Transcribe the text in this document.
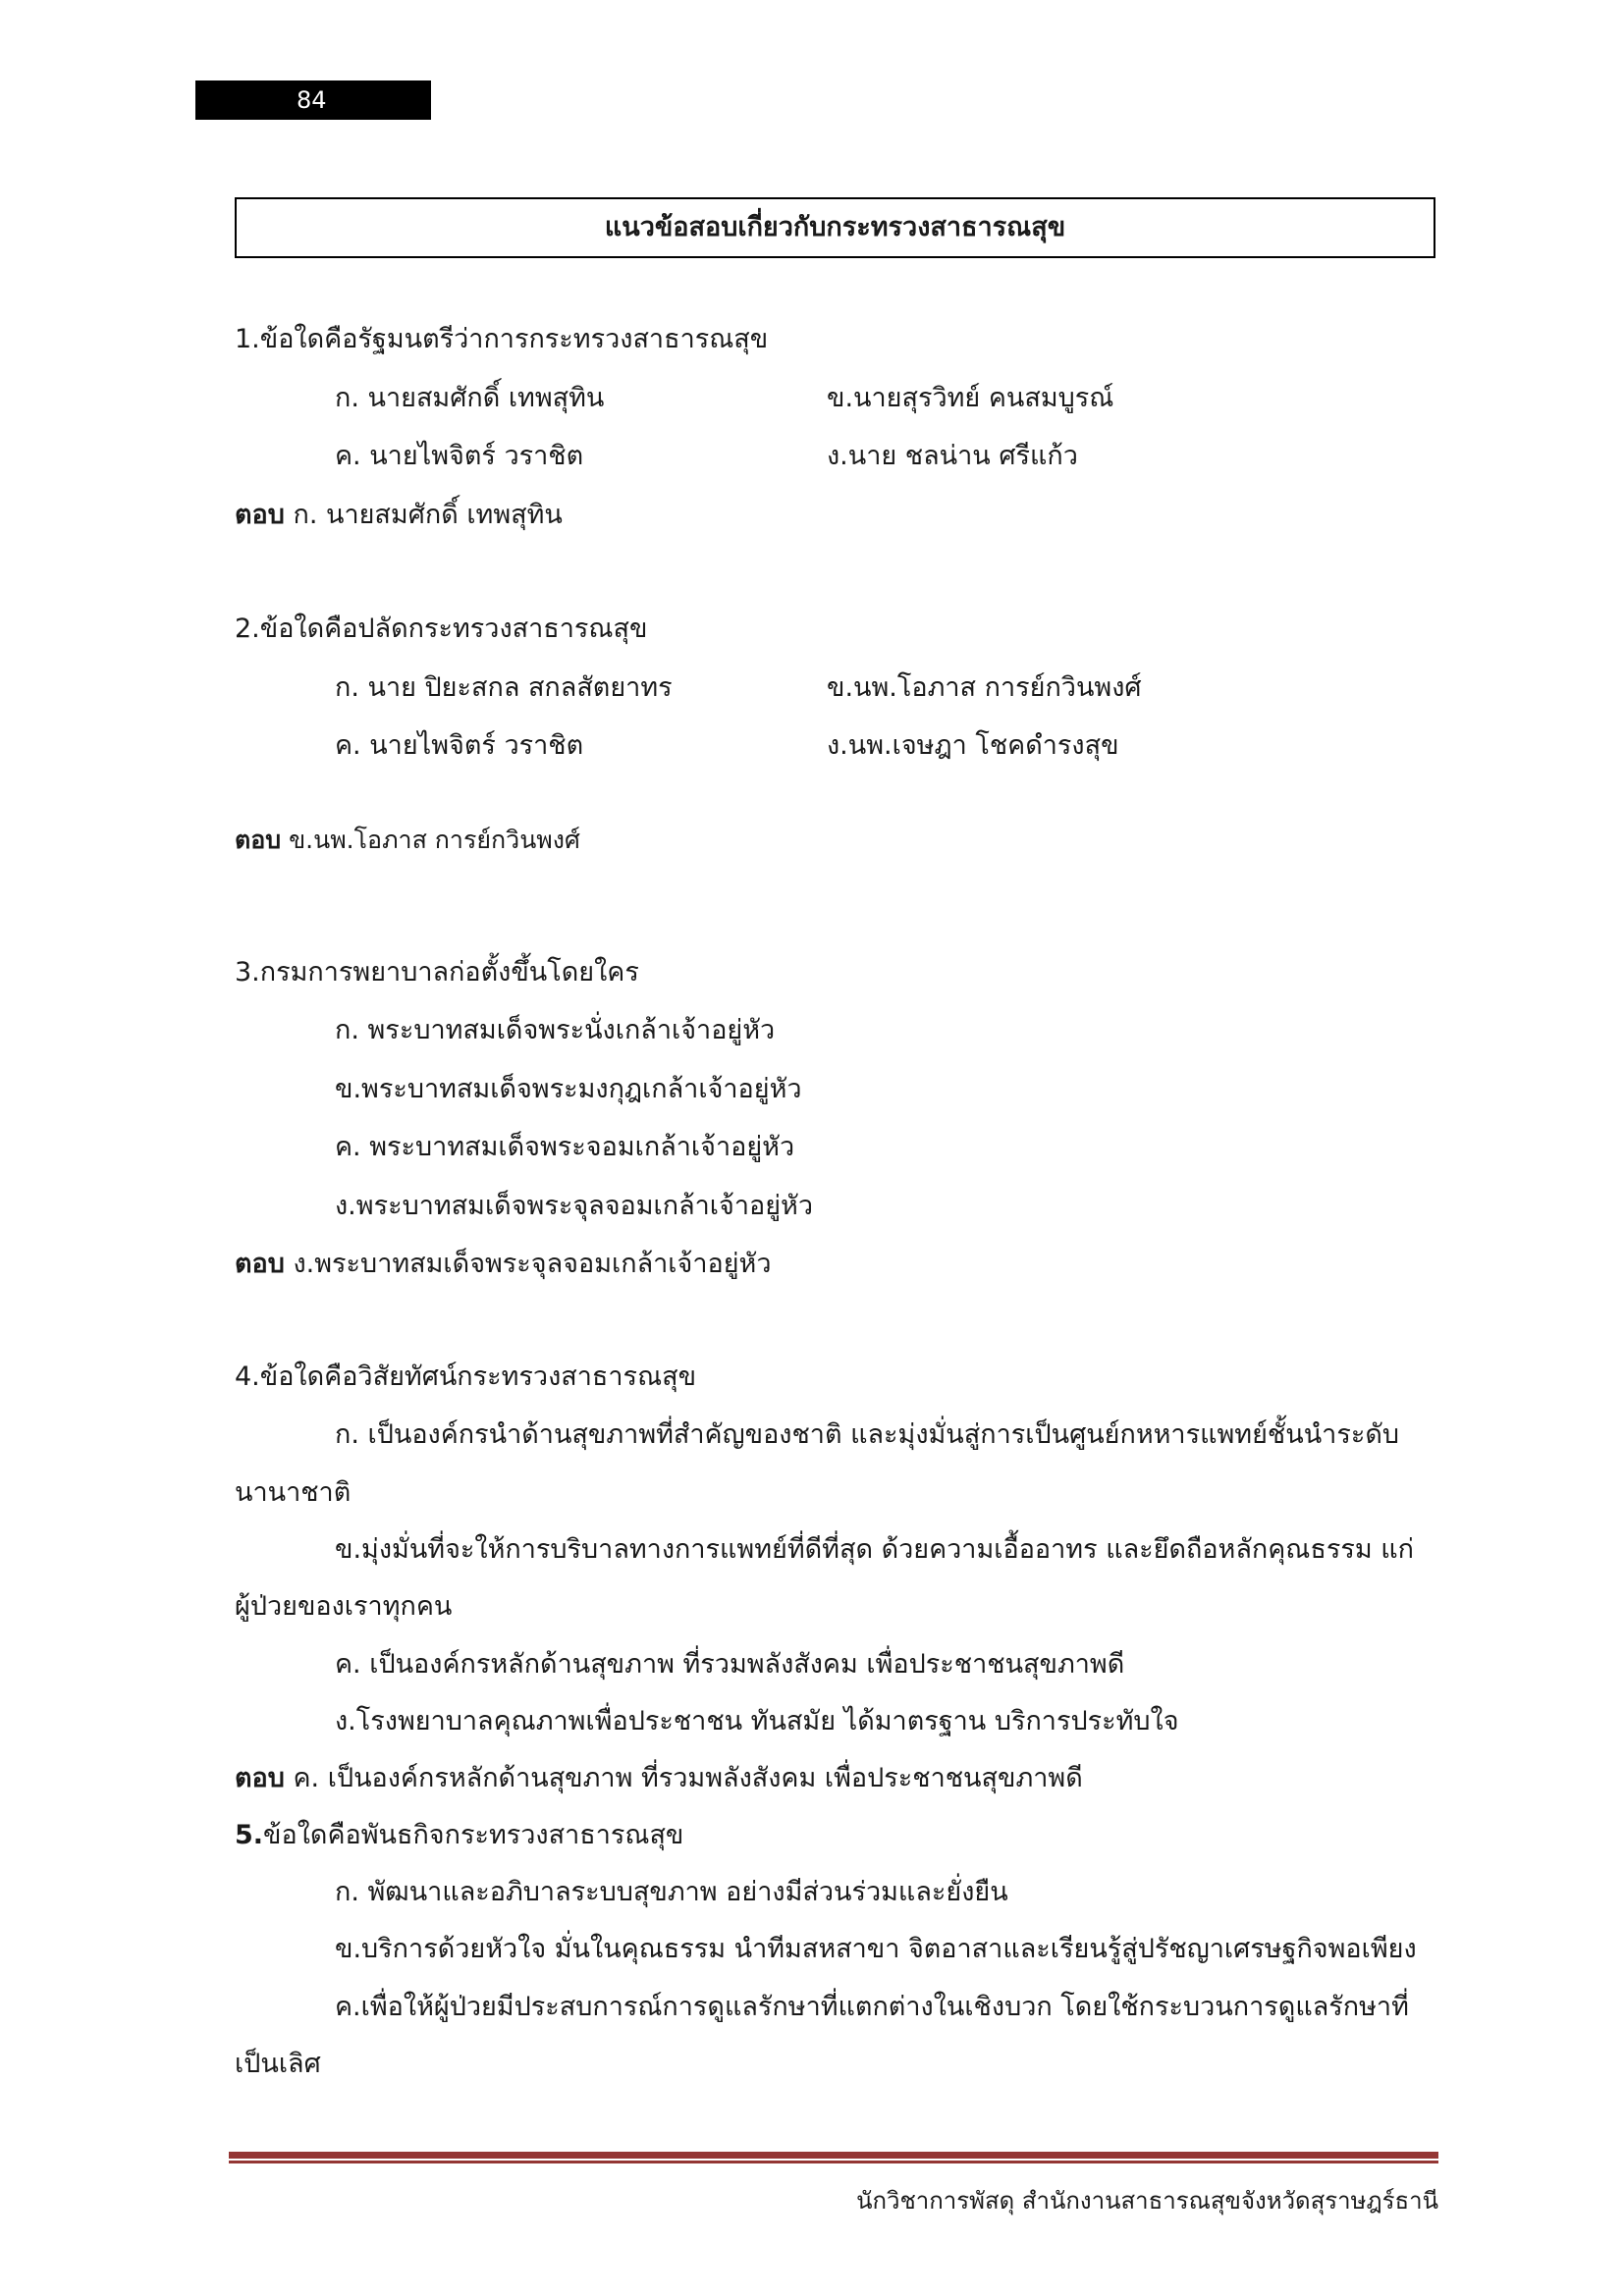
84
แนวข้อสอบเกี่ยวกับกระทรวงสาธารณสุข
1.ข้อใดคือรัฐมนตรีว่าการกระทรวงสาธารณสุข
ก. นายสมศักดิ์ เทพสุทิน	ข.นายสุรวิทย์ คนสมบูรณ์
ค. นายไพจิตร์ วราชิต	ง.นาย ชลน่าน ศรีแก้ว
ตอบ ก. นายสมศักดิ์ เทพสุทิน
2.ข้อใดคือปลัดกระทรวงสาธารณสุข
ก. นาย ปิยะสกล สกลสัตยาทร	ข.นพ.โอภาส การย์กวินพงศ์
ค. นายไพจิตร์ วราชิต	ง.นพ.เจษฎา โชคดำรงสุข
ตอบ ข.นพ.โอภาส การย์กวินพงศ์
3.กรมการพยาบาลก่อตั้งขึ้นโดยใคร
ก. พระบาทสมเด็จพระนั่งเกล้าเจ้าอยู่หัว
ข.พระบาทสมเด็จพระมงกุฎเกล้าเจ้าอยู่หัว
ค. พระบาทสมเด็จพระจอมเกล้าเจ้าอยู่หัว
ง.พระบาทสมเด็จพระจุลจอมเกล้าเจ้าอยู่หัว
ตอบ ง.พระบาทสมเด็จพระจุลจอมเกล้าเจ้าอยู่หัว
4.ข้อใดคือวิสัยทัศน์กระทรวงสาธารณสุข
ก. เป็นองค์กรนำด้านสุขภาพที่สำคัญของชาติ และมุ่งมั่นสู่การเป็นศูนย์กหหารแพทย์ชั้นนำระดับ
นานาชาติ
ข.มุ่งมั่นที่จะให้การบริบาลทางการแพทย์ที่ดีที่สุด ด้วยความเอื้ออาทร และยึดถือหลักคุณธรรม แก่
ผู้ป่วยของเราทุกคน
ค. เป็นองค์กรหลักด้านสุขภาพ ที่รวมพลังสังคม เพื่อประชาชนสุขภาพดี
ง.โรงพยาบาลคุณภาพเพื่อประชาชน ทันสมัย ได้มาตรฐาน บริการประทับใจ
ตอบ ค. เป็นองค์กรหลักด้านสุขภาพ ที่รวมพลังสังคม เพื่อประชาชนสุขภาพดี
5.ข้อใดคือพันธกิจกระทรวงสาธารณสุข
ก. พัฒนาและอภิบาลระบบสุขภาพ อย่างมีส่วนร่วมและยั่งยืน
ข.บริการด้วยหัวใจ มั่นในคุณธรรม นำทีมสหสาขา จิตอาสาและเรียนรู้สู่ปรัชญาเศรษฐกิจพอเพียง
ค.เพื่อให้ผู้ป่วยมีประสบการณ์การดูแลรักษาที่แตกต่างในเชิงบวก โดยใช้กระบวนการดูแลรักษาที่
เป็นเลิศ
นักวิชาการพัสดุ สำนักงานสาธารณสุขจังหวัดสุราษฎร์ธานี
